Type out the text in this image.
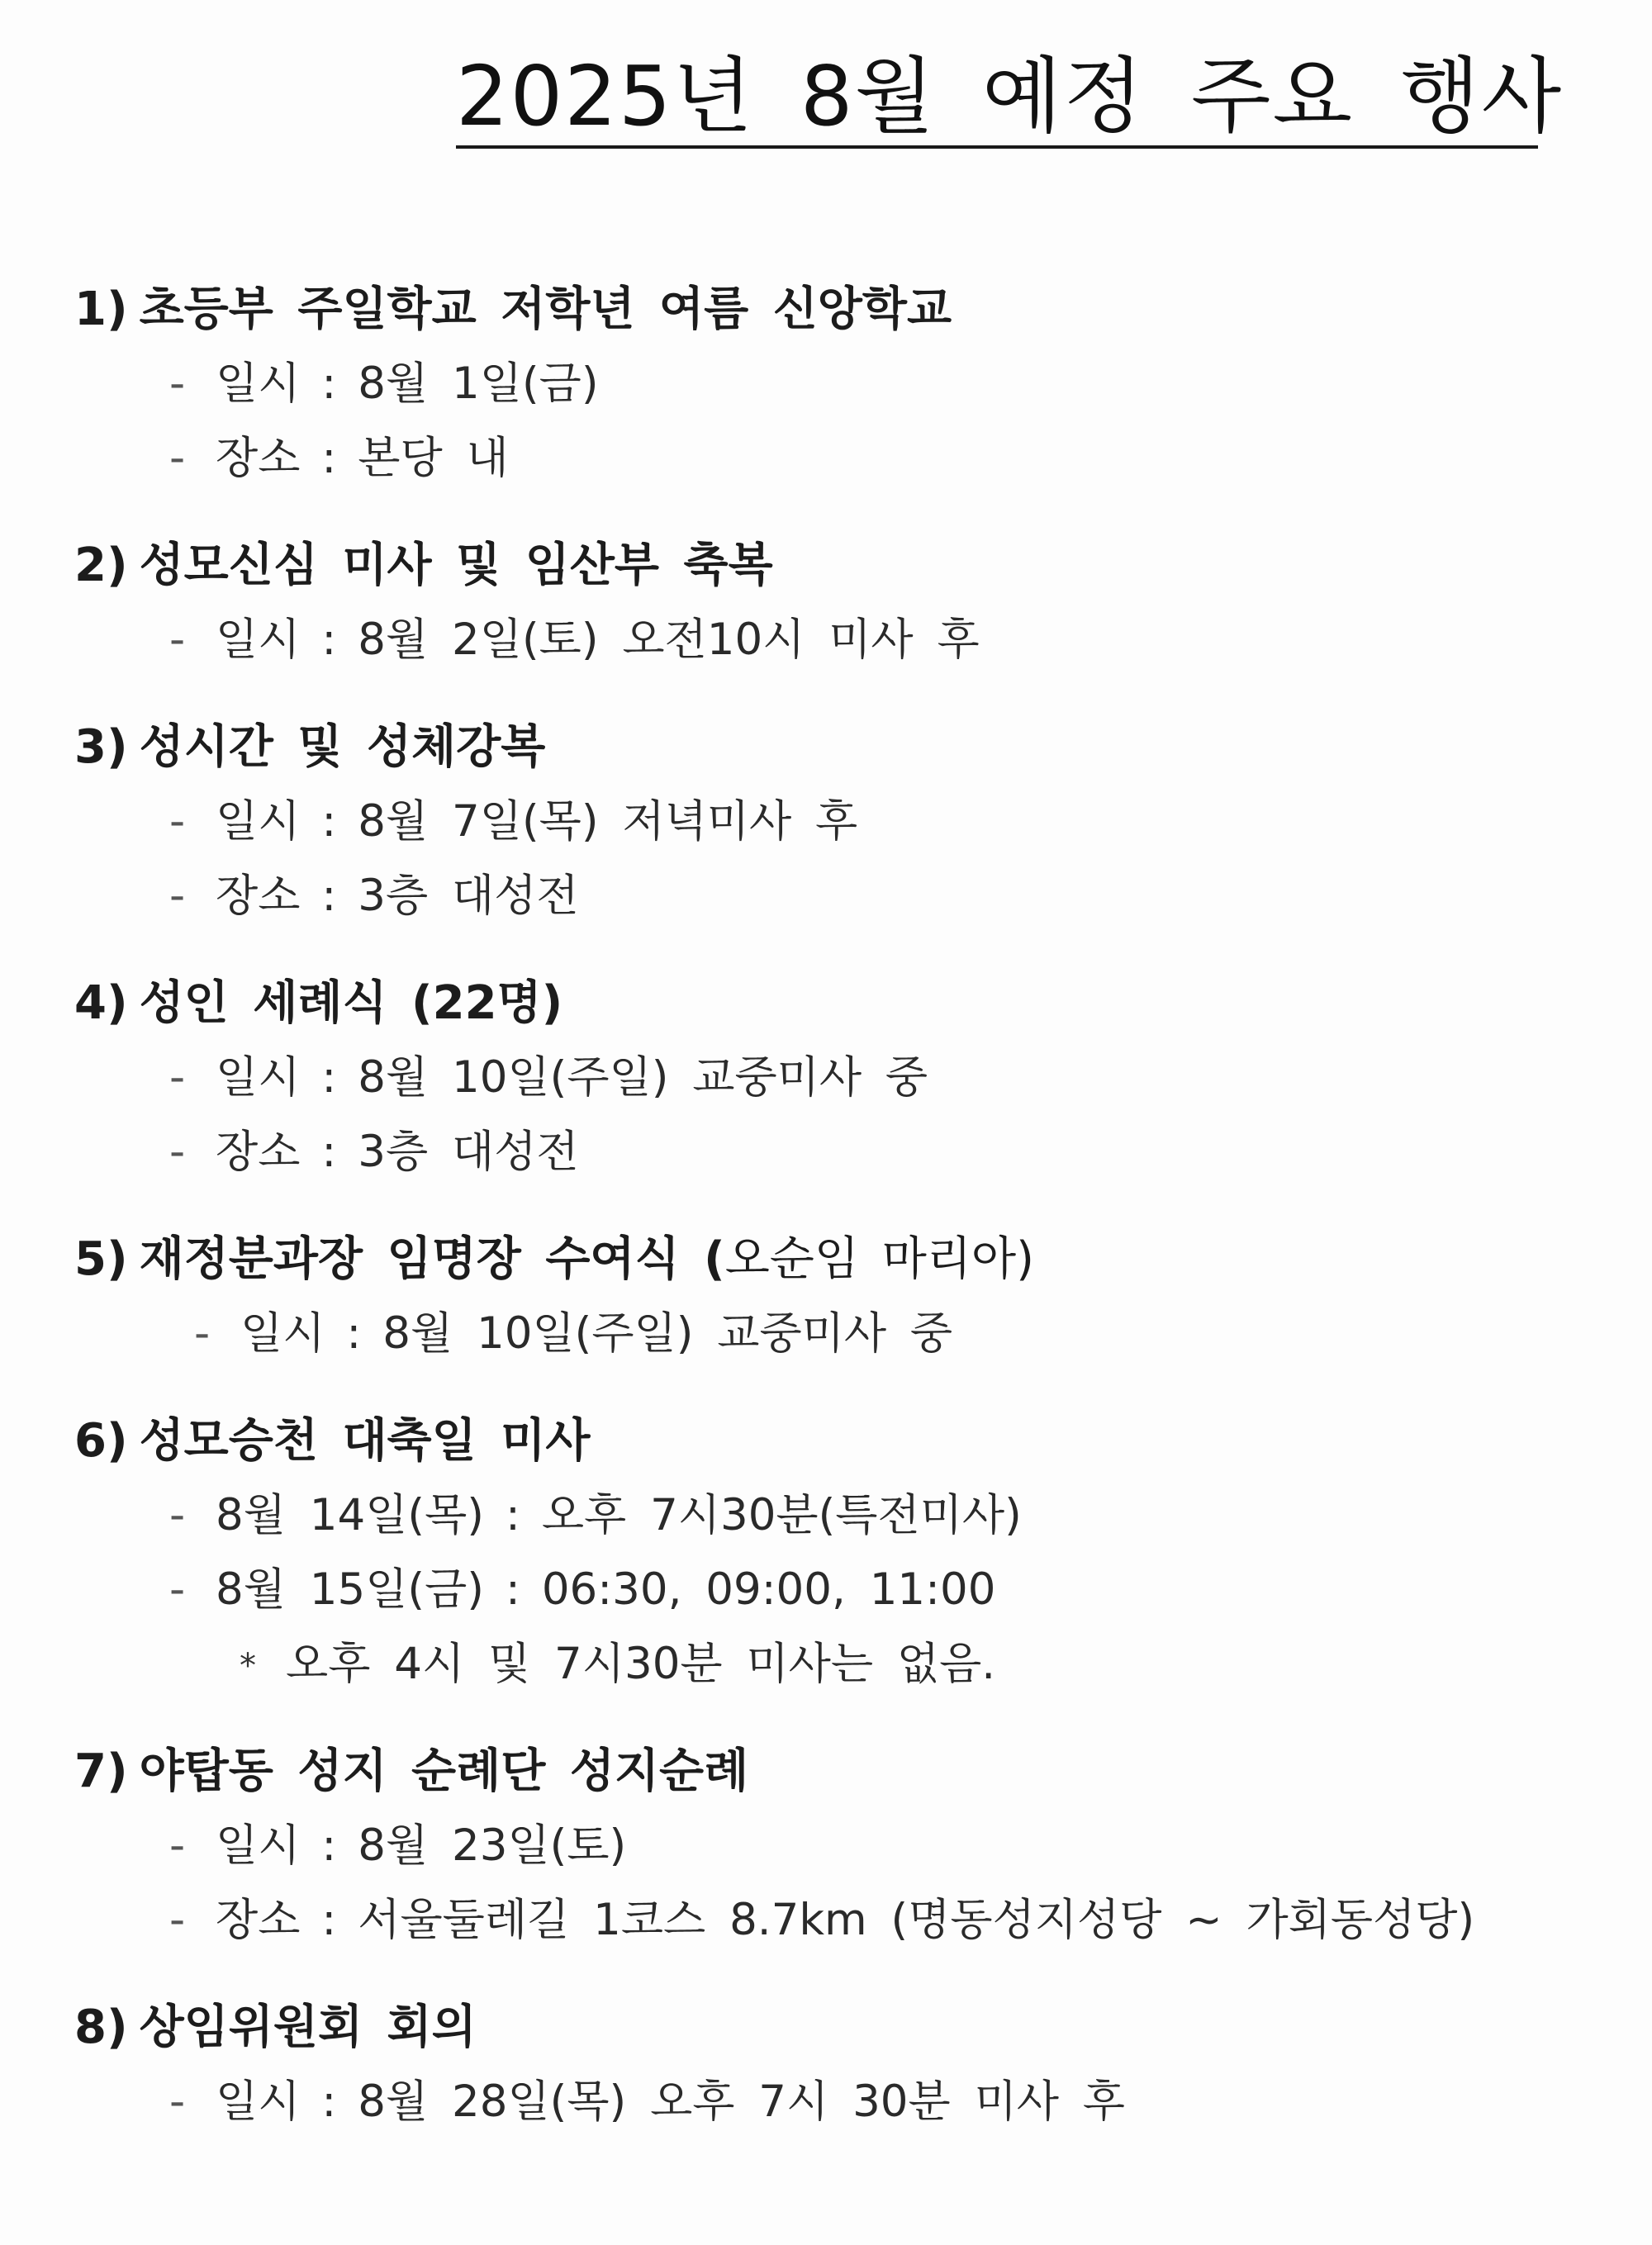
2025년 8월 예정 주요 행사

1) 초등부 주일학교 저학년 여름 신앙학교

- 일시 : 8월 1일(금)
- 장소 : 본당 내

2) 성모신심 미사 및 임산부 축복

- 일시 : 8월 2일(토) 오전10시 미사 후

3) 성시간 및 성체강복

- 일시 : 8월 7일(목) 저녁미사 후
- 장소 : 3층 대성전

4) 성인 세례식 (22명)

- 일시 : 8월 10일(주일) 교중미사 중
- 장소 : 3층 대성전

5) 재정분과장 임명장 수여식 (오순임 마리아)

- 일시 : 8월 10일(주일) 교중미사 중

6) 성모승천 대축일 미사

- 8월 14일(목) : 오후 7시30분(특전미사)
- 8월 15일(금) : 06:30, 09:00, 11:00
* 오후 4시 및 7시30분 미사는 없음.

7) 야탑동 성지 순례단 성지순례

- 일시 : 8월 23일(토)
- 장소 : 서울둘레길 1코스 8.7km (명동성지성당 ~ 가회동성당)

8) 상임위원회 회의

- 일시 : 8월 28일(목) 오후 7시 30분 미사 후
